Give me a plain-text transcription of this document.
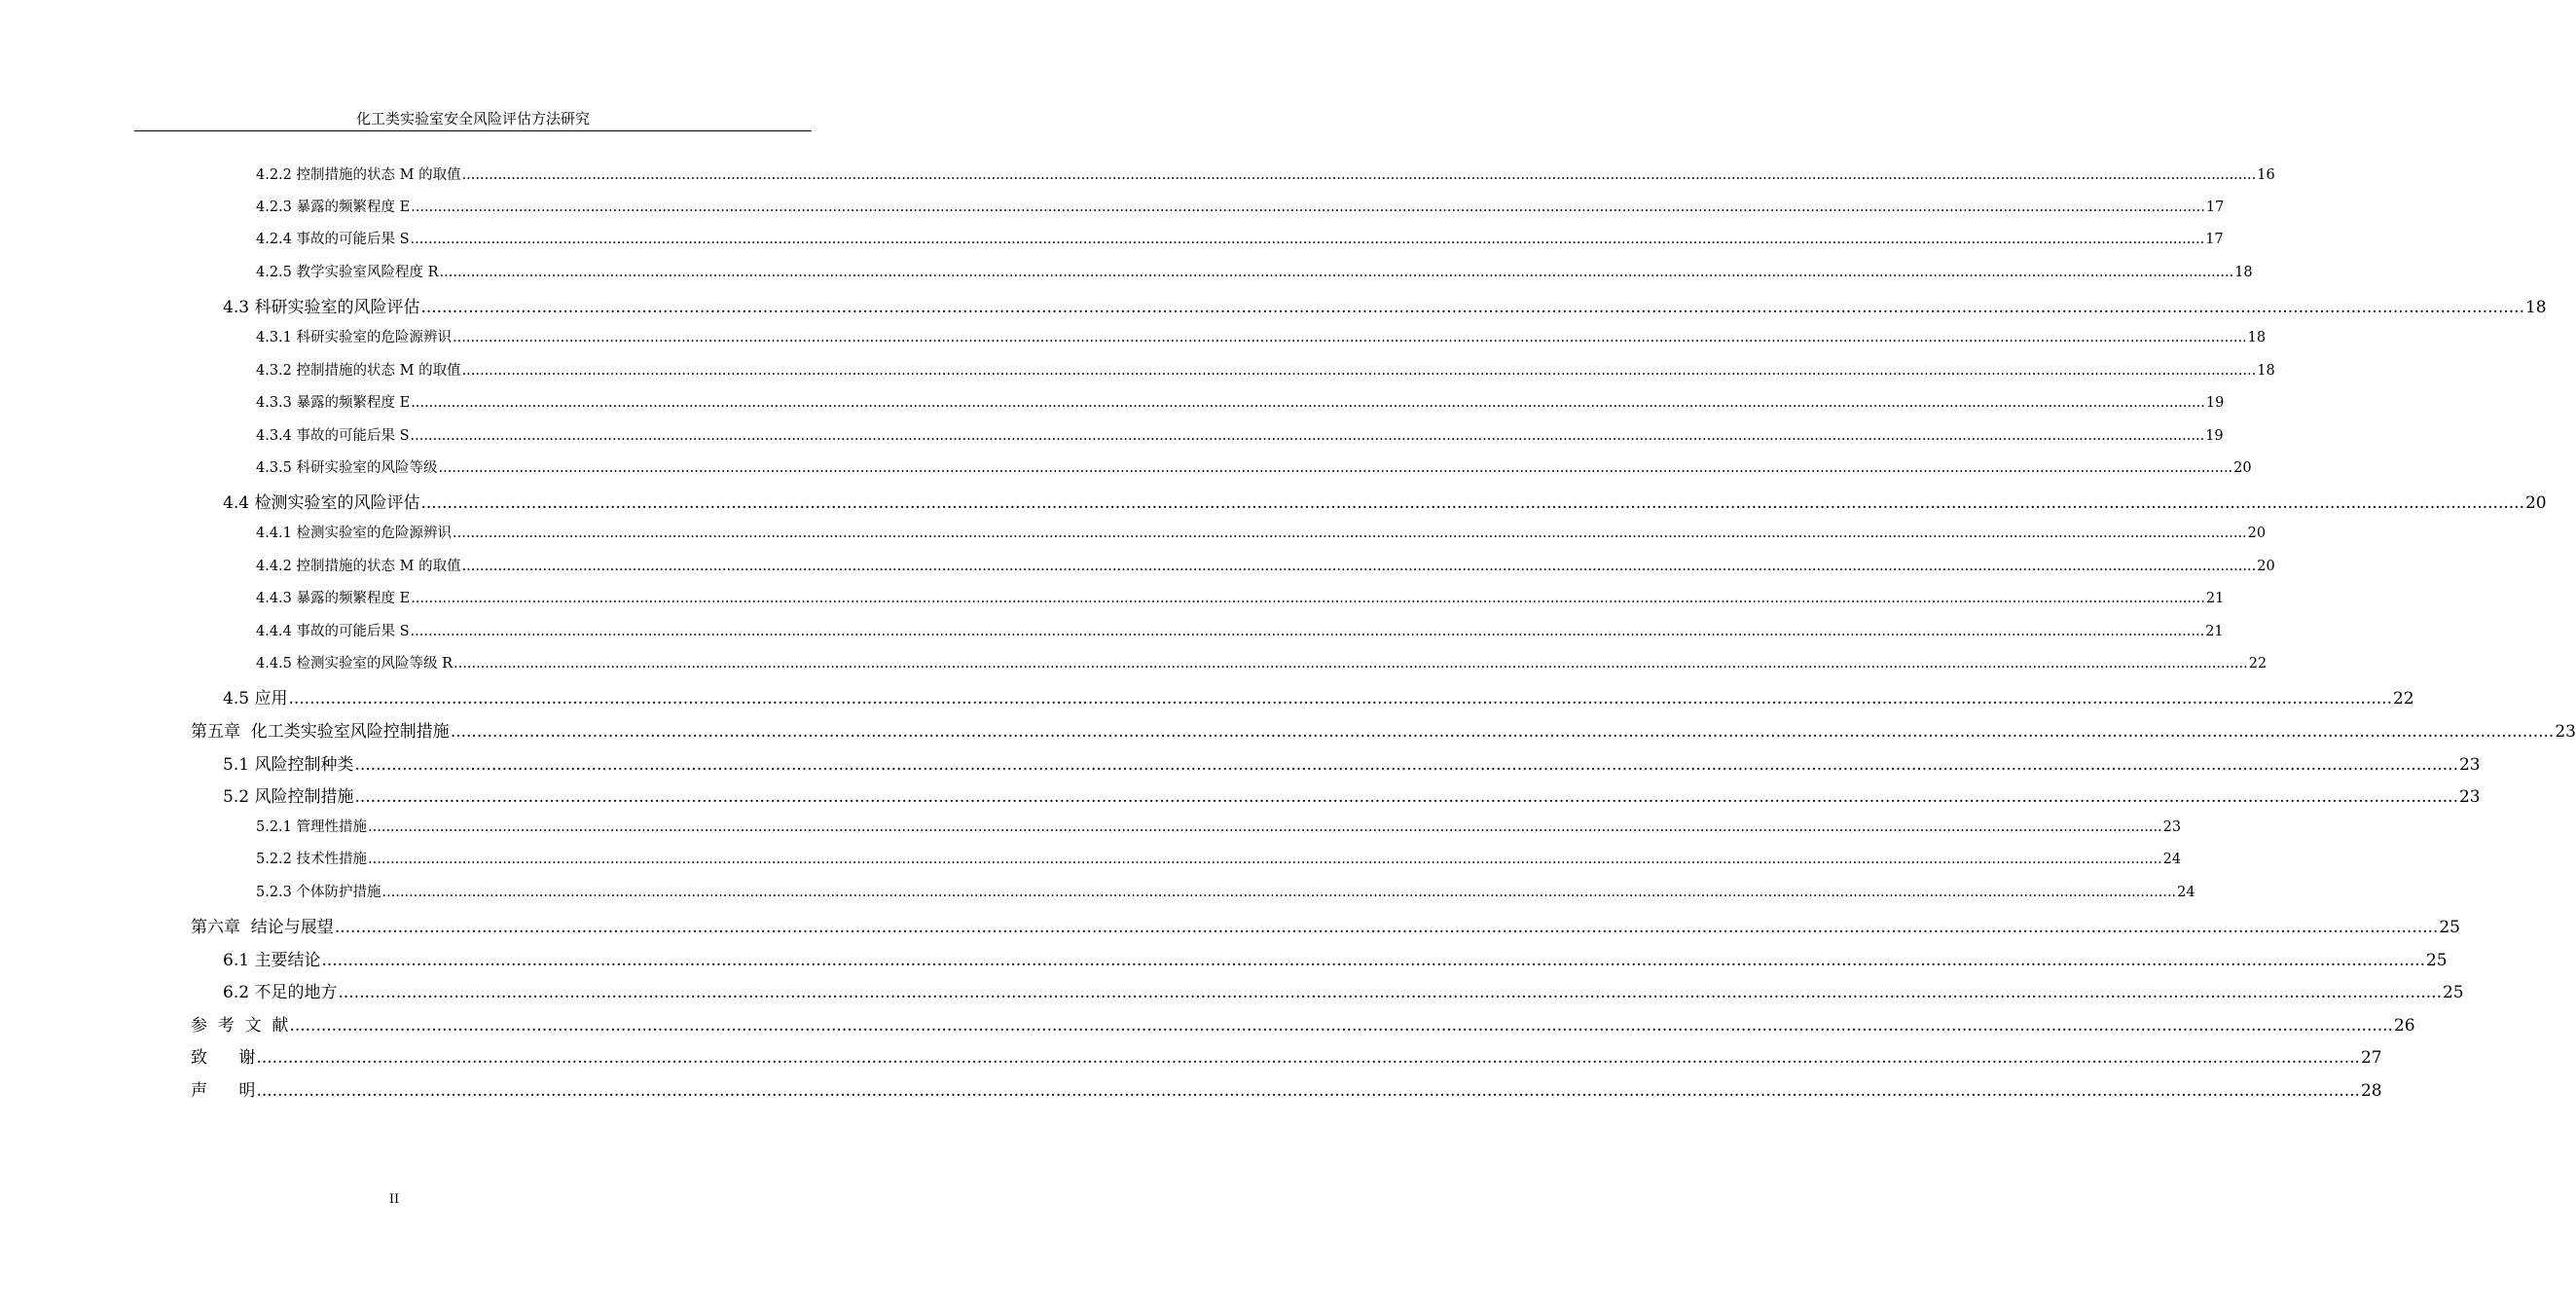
化工类实验室安全风险评估方法研究
4.2.2 控制措施的状态 M 的取值 ................................................................................................................................................................................................................................................................................................................................................................................................................ 16
4.2.3 暴露的频繁程度 E ................................................................................................................................................................................................................................................................................................................................................................................................................ 17
4.2.4 事故的可能后果 S ................................................................................................................................................................................................................................................................................................................................................................................................................ 17
4.2.5 教学实验室风险程度 R ................................................................................................................................................................................................................................................................................................................................................................................................................ 18
4.3 科研实验室的风险评估 ................................................................................................................................................................................................................................................................................................................................................................................................................ 18
4.3.1 科研实验室的危险源辨识 ................................................................................................................................................................................................................................................................................................................................................................................................................ 18
4.3.2 控制措施的状态 M 的取值 ................................................................................................................................................................................................................................................................................................................................................................................................................ 18
4.3.3 暴露的频繁程度 E ................................................................................................................................................................................................................................................................................................................................................................................................................ 19
4.3.4 事故的可能后果 S ................................................................................................................................................................................................................................................................................................................................................................................................................ 19
4.3.5 科研实验室的风险等级 ................................................................................................................................................................................................................................................................................................................................................................................................................ 20
4.4 检测实验室的风险评估 ................................................................................................................................................................................................................................................................................................................................................................................................................ 20
4.4.1 检测实验室的危险源辨识 ................................................................................................................................................................................................................................................................................................................................................................................................................ 20
4.4.2 控制措施的状态 M 的取值 ................................................................................................................................................................................................................................................................................................................................................................................................................ 20
4.4.3 暴露的频繁程度 E ................................................................................................................................................................................................................................................................................................................................................................................................................ 21
4.4.4 事故的可能后果 S ................................................................................................................................................................................................................................................................................................................................................................................................................ 21
4.4.5 检测实验室的风险等级 R ................................................................................................................................................................................................................................................................................................................................................................................................................ 22
4.5 应用 ................................................................................................................................................................................................................................................................................................................................................................................................................ 22
第五章  化工类实验室风险控制措施 ................................................................................................................................................................................................................................................................................................................................................................................................................ 23
5.1 风险控制种类 ................................................................................................................................................................................................................................................................................................................................................................................................................ 23
5.2 风险控制措施 ................................................................................................................................................................................................................................................................................................................................................................................................................ 23
5.2.1 管理性措施 ................................................................................................................................................................................................................................................................................................................................................................................................................ 23
5.2.2 技术性措施 ................................................................................................................................................................................................................................................................................................................................................................................................................ 24
5.2.3 个体防护措施 ................................................................................................................................................................................................................................................................................................................................................................................................................ 24
第六章  结论与展望 ................................................................................................................................................................................................................................................................................................................................................................................................................ 25
6.1 主要结论 ................................................................................................................................................................................................................................................................................................................................................................................................................ 25
6.2 不足的地方 ................................................................................................................................................................................................................................................................................................................................................................................................................ 25
参  考  文  献 ................................................................................................................................................................................................................................................................................................................................................................................................................ 26
致      谢 ................................................................................................................................................................................................................................................................................................................................................................................................................ 27
声      明 ................................................................................................................................................................................................................................................................................................................................................................................................................ 28
II
